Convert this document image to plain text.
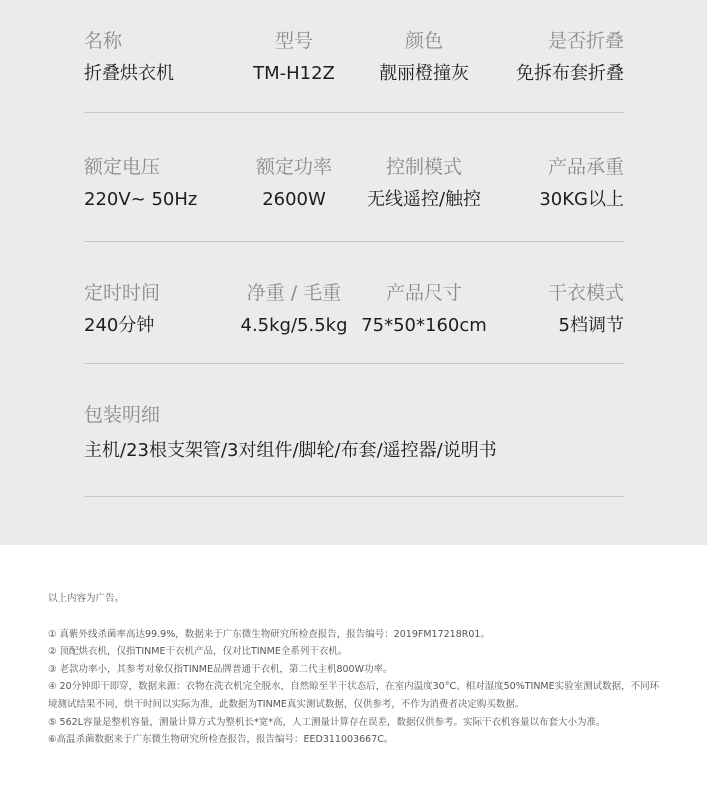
名称
折叠烘衣机
型号
TM-H12Z
颜色
靓丽橙撞灰
是否折叠
免拆布套折叠
额定电压
220V~ 50Hz
额定功率
2600W
控制模式
无线遥控/触控
产品承重
30KG以上
定时时间
240分钟
净重 / 毛重
4.5kg/5.5kg
产品尺寸
75*50*160cm
干衣模式
5档调节
包装明细
主机/23根支架管/3对组件/脚轮/布套/遥控器/说明书

以上内容为广告。

① 真紫外线杀菌率高达99.9%，数据来于广东微生物研究所检查报告，报告编号：2019FM17218R01。

② 顶配烘衣机，仅指TINME干衣机产品，仅对比TINME全系列干衣机。

③ 老款功率小，其参考对象仅指TINME品牌普通干衣机，第二代主机800W功率。

④ 20分钟即干即穿，数据来源：衣物在洗衣机完全脱水，自然晾至半干状态后，在室内温度30°C、相对湿度50%TINME实验室测试数据，不同环境测试结果不同，烘干时间以实际为准，此数据为TINME真实测试数据，仅供参考，不作为消费者决定购买数据。

⑤ 562L容量是整机容量，测量计算方式为整机长*宽*高，人工测量计算存在误差，数据仅供参考。实际干衣机容量以布套大小为准。

⑥高温杀菌数据来于广东微生物研究所检查报告，报告编号：EED311003667C。
